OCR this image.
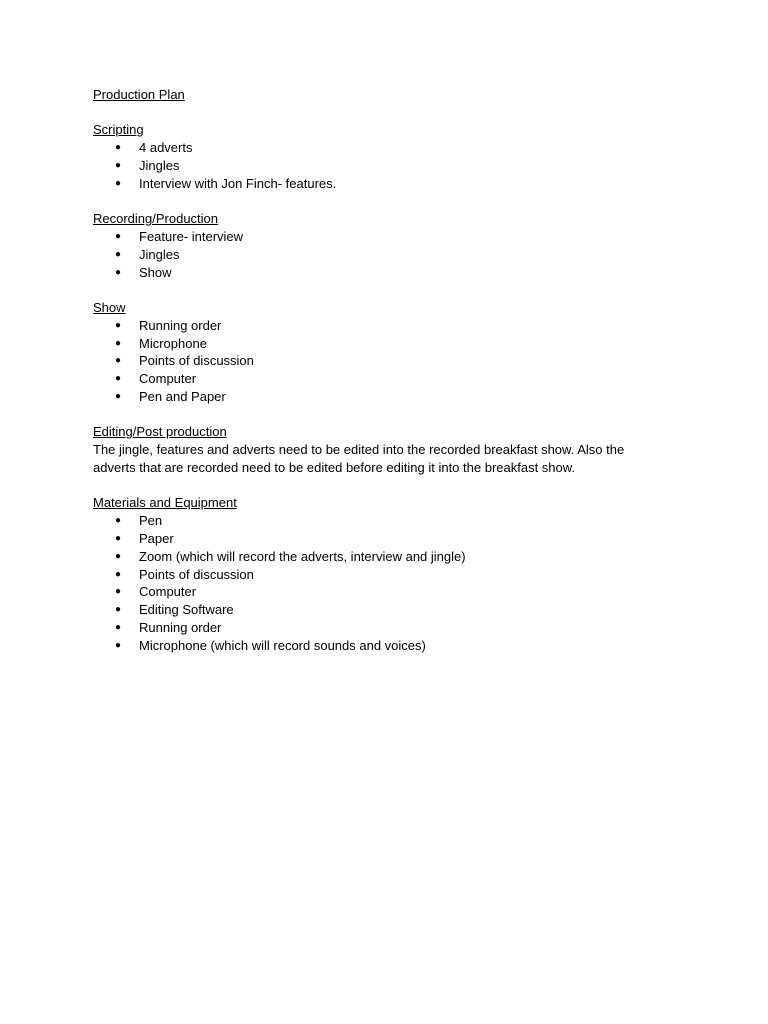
Production Plan
Scripting
● 4 adverts
● Jingles
● Interview with Jon Finch- features.
Recording/Production
● Feature- interview
● Jingles
● Show
Show
● Running order
● Microphone
● Points of discussion
● Computer
● Pen and Paper
Editing/Post production
The jingle, features and adverts need to be edited into the recorded breakfast show. Also the
adverts that are recorded need to be edited before editing it into the breakfast show.
Materials and Equipment
● Pen
● Paper
● Zoom (which will record the adverts, interview and jingle)
● Points of discussion
● Computer
● Editing Software
● Running order
● Microphone (which will record sounds and voices)
